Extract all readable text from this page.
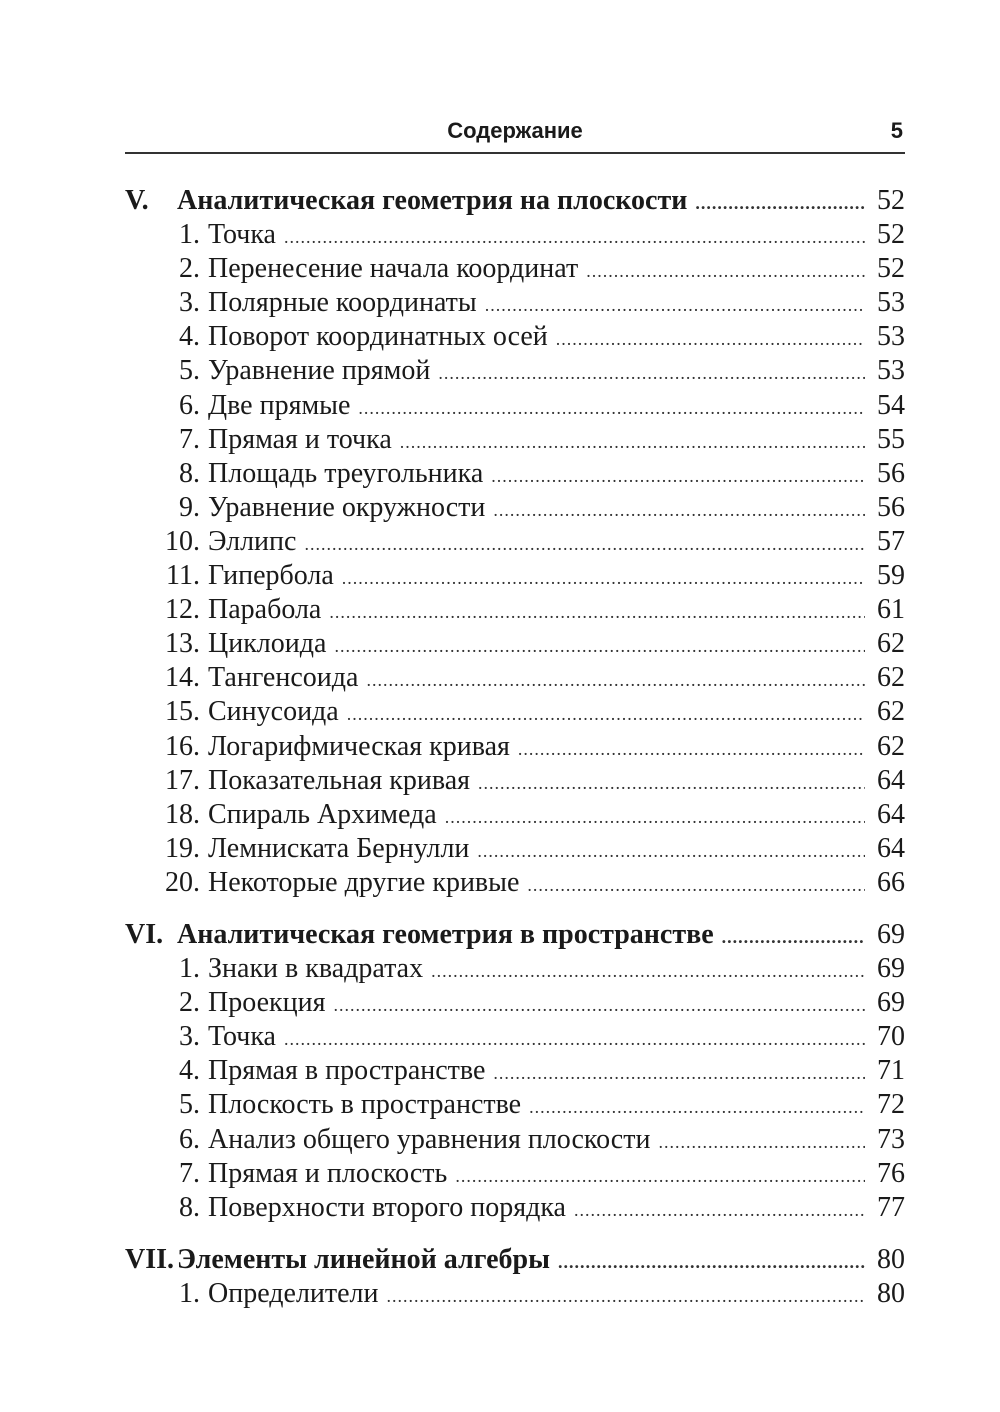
Содержание	5
V.	Аналитическая геометрия на плоскости .....	52
1. Точка .....	52
2. Перенесение начала координат .....	52
3. Полярные координаты .....	53
4. Поворот координатных осей .....	53
5. Уравнение прямой .....	53
6. Две прямые .....	54
7. Прямая и точка .....	55
8. Площадь треугольника .....	56
9. Уравнение окружности .....	56
10. Эллипс .....	57
11. Гипербола .....	59
12. Парабола .....	61
13. Циклоида .....	62
14. Тангенсоида .....	62
15. Синусоида .....	62
16. Логарифмическая кривая .....	62
17. Показательная кривая .....	64
18. Спираль Архимеда .....	64
19. Лемниската Бернулли .....	64
20. Некоторые другие кривые .....	66
VI. Аналитическая геометрия в пространстве .....	69
1. Знаки в квадратах .....	69
2. Проекция .....	69
3. Точка .....	70
4. Прямая в пространстве .....	71
5. Плоскость в пространстве .....	72
6. Анализ общего уравнения плоскости .....	73
7. Прямая и плоскость .....	76
8. Поверхности второго порядка .....	77
VII. Элементы линейной алгебры .....	80
1. Определители .....	80
